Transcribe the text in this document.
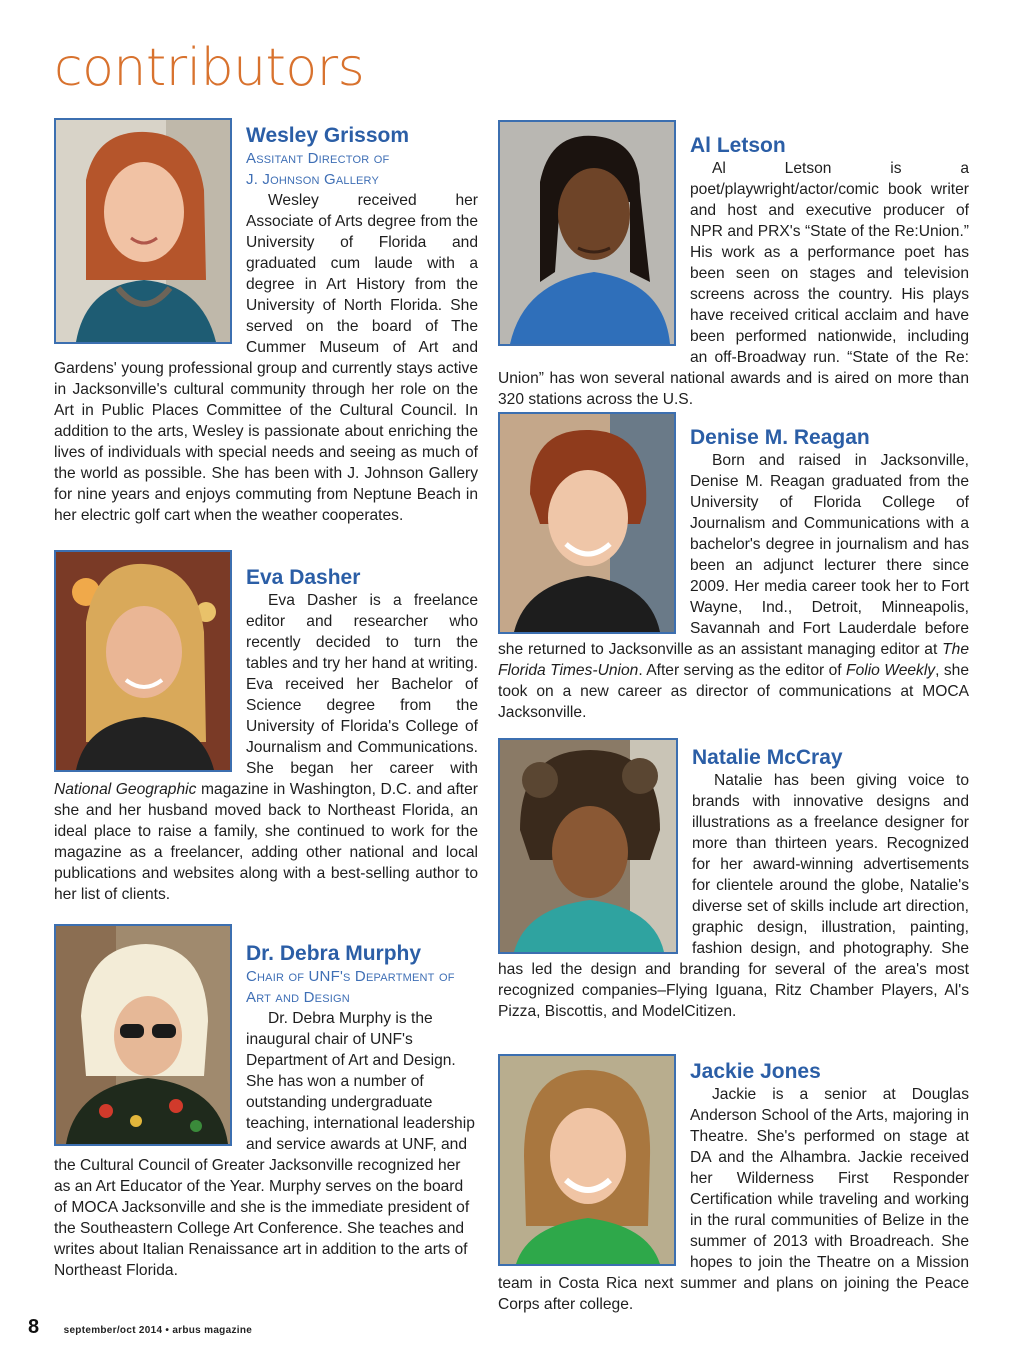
contributors
Wesley Grissom
Assitant Director of
J. Johnson Gallery

Wesley received her Associate of Arts degree from the University of Florida and graduated cum laude with a degree in Art History from the University of North Florida. She served on the board of The Cummer Museum of Art and Gardens' young professional group and currently stays active in Jacksonville's cultural community through her role on the Art in Public Places Committee of the Cultural Council. In addition to the arts, Wesley is passionate about enriching the lives of individuals with special needs and seeing as much of the world as possible. She has been with J. Johnson Gallery for nine years and enjoys commuting from Neptune Beach in her electric golf cart when the weather cooperates.

Eva Dasher

Eva Dasher is a freelance editor and researcher who recently decided to turn the tables and try her hand at writing. Eva received her Bachelor of Science degree from the University of Florida's College of Journalism and Communications. She began her career with National Geographic magazine in Washington, D.C. and after she and her husband moved back to Northeast Florida, an ideal place to raise a family, she continued to work for the magazine as a freelancer, adding other national and local publications and websites along with a best-selling author to her list of clients.

Dr. Debra Murphy
Chair of UNF's Department of
Art and Design

Dr. Debra Murphy is the inaugural chair of UNF's Department of Art and Design. She has won a number of outstanding undergraduate teaching, international leadership and service awards at UNF, and the Cultural Council of Greater Jacksonville recognized her as an Art Educator of the Year. Murphy serves on the board of MOCA Jacksonville and she is the immediate president of the Southeastern College Art Conference. She teaches and writes about Italian Renaissance art in addition to the arts of Northeast Florida.

Al Letson

Al Letson is a poet/playwright/actor/comic book writer and host and executive producer of NPR and PRX's “State of the Re:Union.” His work as a performance poet has been seen on stages and television screens across the country. His plays have received critical acclaim and have been performed nationwide, including an off-Broadway run. “State of the Re: Union” has won several national awards and is aired on more than 320 stations across the U.S.

Denise M. Reagan

Born and raised in Jacksonville, Denise M. Reagan graduated from the University of Florida College of Journalism and Communications with a bachelor's degree in journalism and has been an adjunct lecturer there since 2009. Her media career took her to Fort Wayne, Ind., Detroit, Minneapolis, Savannah and Fort Lauderdale before she returned to Jacksonville as an assistant managing editor at The Florida Times-Union. After serving as the editor of Folio Weekly, she took on a new career as director of communications at MOCA Jacksonville.

Natalie McCray

Natalie has been giving voice to brands with innovative designs and illustrations as a freelance designer for more than thirteen years. Recognized for her award-winning advertisements for clientele around the globe, Natalie's diverse set of skills include art direction, graphic design, illustration, painting, fashion design, and photography. She has led the design and branding for several of the area's most recognized companies–Flying Iguana, Ritz Chamber Players, Al's Pizza, Biscottis, and ModelCitizen.

Jackie Jones

Jackie is a senior at Douglas Anderson School of the Arts, majoring in Theatre. She's performed on stage at DA and the Alhambra. Jackie received her Wilderness First Responder Certification while traveling and working in the rural communities of Belize in the summer of 2013 with Broadreach. She hopes to join the Theatre on a Mission team in Costa Rica next summer and plans on joining the Peace Corps after college.

8 september/oct 2014 • arbus magazine
